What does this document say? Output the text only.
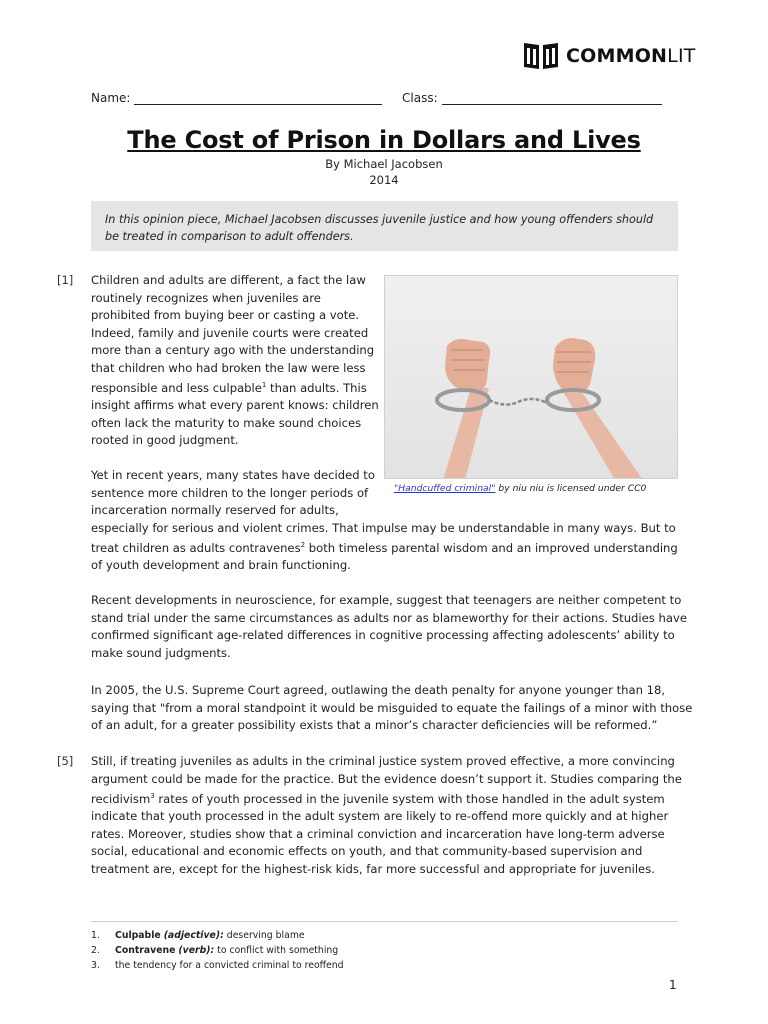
COMMONLIT
Name:	Class:
The Cost of Prison in Dollars and Lives
By Michael Jacobsen
2014
In this opinion piece, Michael Jacobsen discusses juvenile justice and how young offenders should be treated in comparison to adult offenders.
[1] Children and adults are different, a fact the law
routinely recognizes when juveniles are
prohibited from buying beer or casting a vote.
Indeed, family and juvenile courts were created
more than a century ago with the understanding
that children who had broken the law were less
responsible and less culpable$^1$ than adults. This
insight affirms what every parent knows: children
often lack the maturity to make sound choices
rooted in good judgment.
"Handcuffed criminal" by niu niu is licensed under CC0
Yet in recent years, many states have decided to
sentence more children to the longer periods of
incarceration normally reserved for adults,
especially for serious and violent crimes. That impulse may be understandable in many ways. But to
treat children as adults contravenes$^2$ both timeless parental wisdom and an improved understanding
of youth development and brain functioning.
Recent developments in neuroscience, for example, suggest that teenagers are neither competent to
stand trial under the same circumstances as adults nor as blameworthy for their actions. Studies have
confirmed significant age-related differences in cognitive processing affecting adolescents’ ability to
make sound judgments.
In 2005, the U.S. Supreme Court agreed, outlawing the death penalty for anyone younger than 18,
saying that "from a moral standpoint it would be misguided to equate the failings of a minor with those
of an adult, for a greater possibility exists that a minor’s character deficiencies will be reformed.”
[5] Still, if treating juveniles as adults in the criminal justice system proved effective, a more convincing
argument could be made for the practice. But the evidence doesn’t support it. Studies comparing the
recidivism$^3$ rates of youth processed in the juvenile system with those handled in the adult system
indicate that youth processed in the adult system are likely to re-offend more quickly and at higher
rates. Moreover, studies show that a criminal conviction and incarceration have long-term adverse
social, educational and economic effects on youth, and that community-based supervision and
treatment are, except for the highest-risk kids, far more successful and appropriate for juveniles.
1. Culpable (adjective): deserving blame
2. Contravene (verb): to conflict with something
3. the tendency for a convicted criminal to reoffend
1
